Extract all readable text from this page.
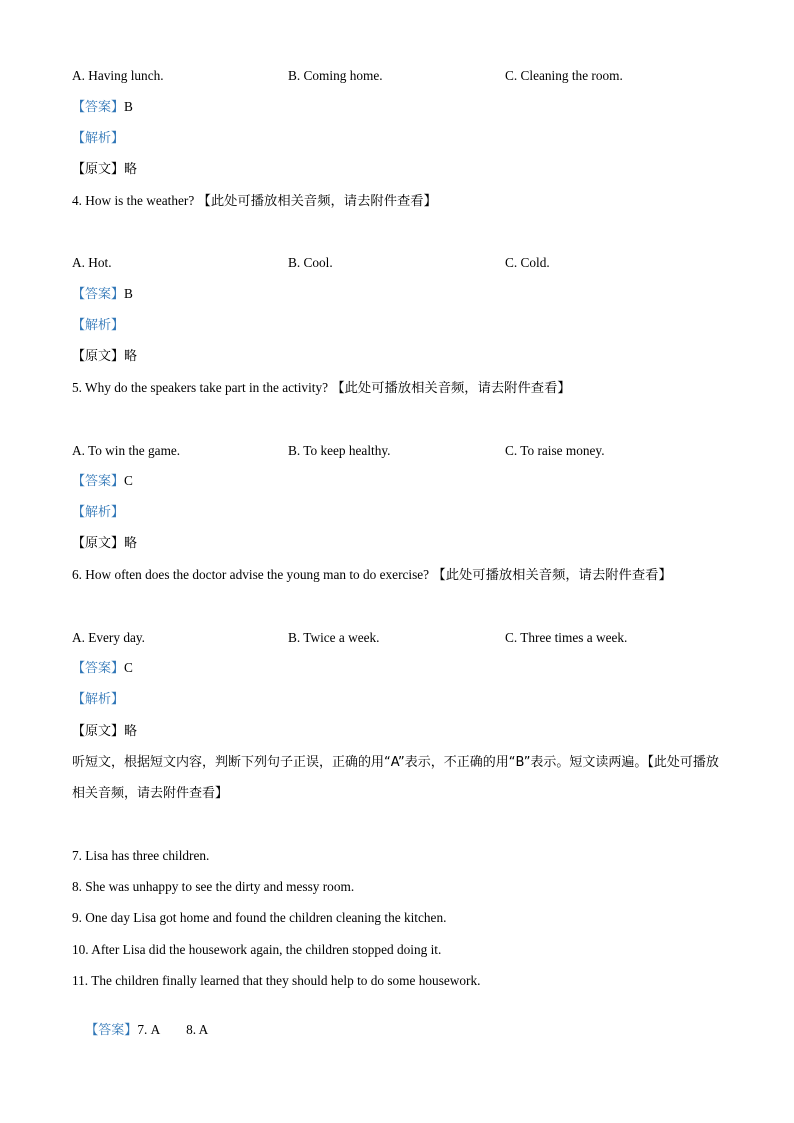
A. Having lunch.	B. Coming home.	C. Cleaning the room.
【答案】B
【解析】
【原文】略
4. How is the weather? 【此处可播放相关音频，请去附件查看】
A. Hot.	B. Cool.	C. Cold.
【答案】B
【解析】
【原文】略
5. Why do the speakers take part in the activity? 【此处可播放相关音频，请去附件查看】
A. To win the game.	B. To keep healthy.	C. To raise money.
【答案】C
【解析】
【原文】略
6. How often does the doctor advise the young man to do exercise? 【此处可播放相关音频，请去附件查看】
A. Every day.	B. Twice a week.	C. Three times a week.
【答案】C
【解析】
【原文】略
听短文，根据短文内容，判断下列句子正误，正确的用“A”表示，不正确的用“B”表示。短文读两遍。【此处可播放相关音频，请去附件查看】
7. Lisa has three children.
8. She was unhappy to see the dirty and messy room.
9. One day Lisa got home and found the children cleaning the kitchen.
10. After Lisa did the housework again, the children stopped doing it.
11. The children finally learned that they should help to do some housework.

【答案】7. A        8. A
